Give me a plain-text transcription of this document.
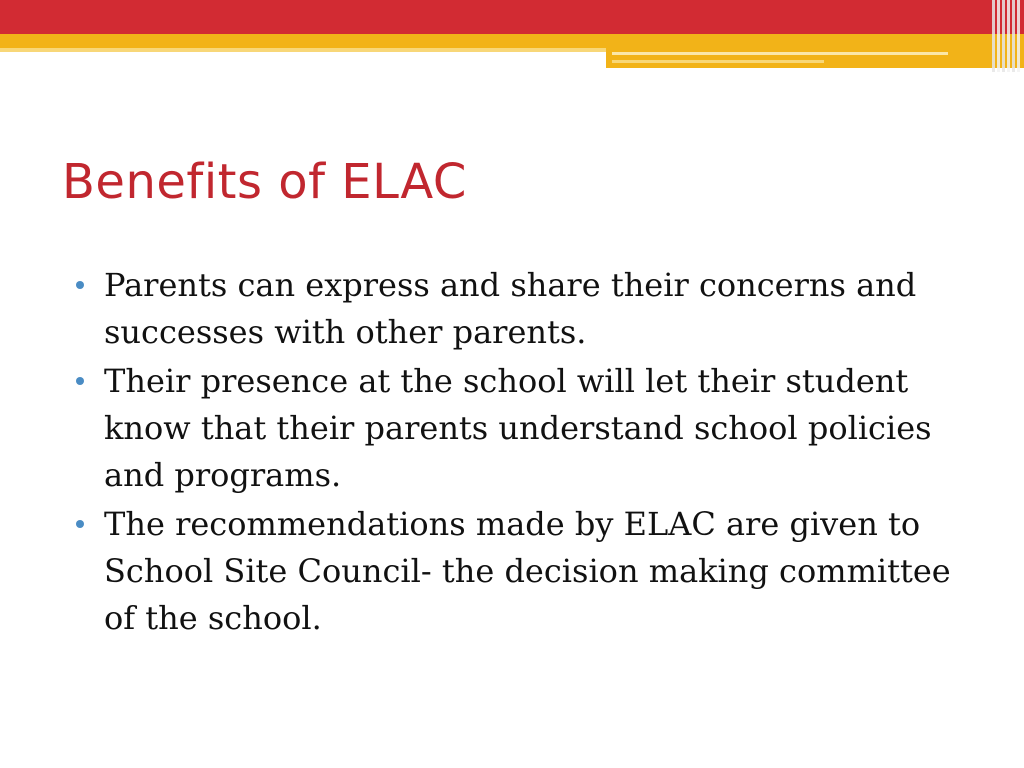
Benefits of ELAC
Parents can express and share their concerns and successes with other parents.
Their presence at the school will let their student know that their parents understand school policies and programs.
The recommendations made by ELAC are given to School Site Council- the decision making committee of the school.
